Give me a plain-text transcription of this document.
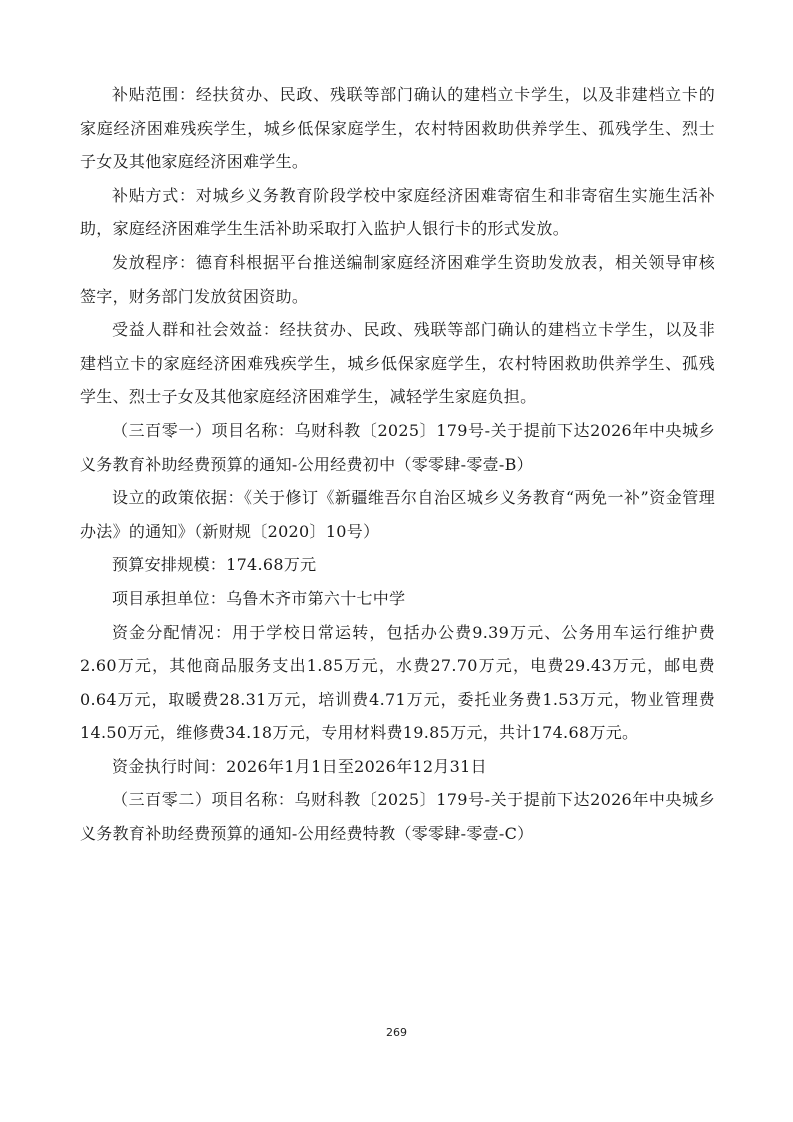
补贴范围：经扶贫办、民政、残联等部门确认的建档立卡学生，以及非建档立卡的家庭经济困难残疾学生，城乡低保家庭学生，农村特困救助供养学生、孤残学生、烈士子女及其他家庭经济困难学生。

补贴方式：对城乡义务教育阶段学校中家庭经济困难寄宿生和非寄宿生实施生活补助，家庭经济困难学生生活补助采取打入监护人银行卡的形式发放。

发放程序：德育科根据平台推送编制家庭经济困难学生资助发放表，相关领导审核签字，财务部门发放贫困资助。

受益人群和社会效益：经扶贫办、民政、残联等部门确认的建档立卡学生，以及非建档立卡的家庭经济困难残疾学生，城乡低保家庭学生，农村特困救助供养学生、孤残学生、烈士子女及其他家庭经济困难学生，减轻学生家庭负担。

（三百零一）项目名称：乌财科教〔2025〕179号-关于提前下达2026年中央城乡义务教育补助经费预算的通知-公用经费初中（零零肆-零壹-B）

设立的政策依据：《关于修订《新疆维吾尔自治区城乡义务教育“两免一补”资金管理办法》的通知》（新财规〔2020〕10号）

预算安排规模：174.68万元

项目承担单位：乌鲁木齐市第六十七中学

资金分配情况：用于学校日常运转，包括办公费9.39万元、公务用车运行维护费2.60万元，其他商品服务支出1.85万元，水费27.70万元，电费29.43万元，邮电费0.64万元，取暖费28.31万元，培训费4.71万元，委托业务费1.53万元，物业管理费14.50万元，维修费34.18万元，专用材料费19.85万元，共计174.68万元。

资金执行时间：2026年1月1日至2026年12月31日

（三百零二）项目名称：乌财科教〔2025〕179号-关于提前下达2026年中央城乡义务教育补助经费预算的通知-公用经费特教（零零肆-零壹-C）

269
